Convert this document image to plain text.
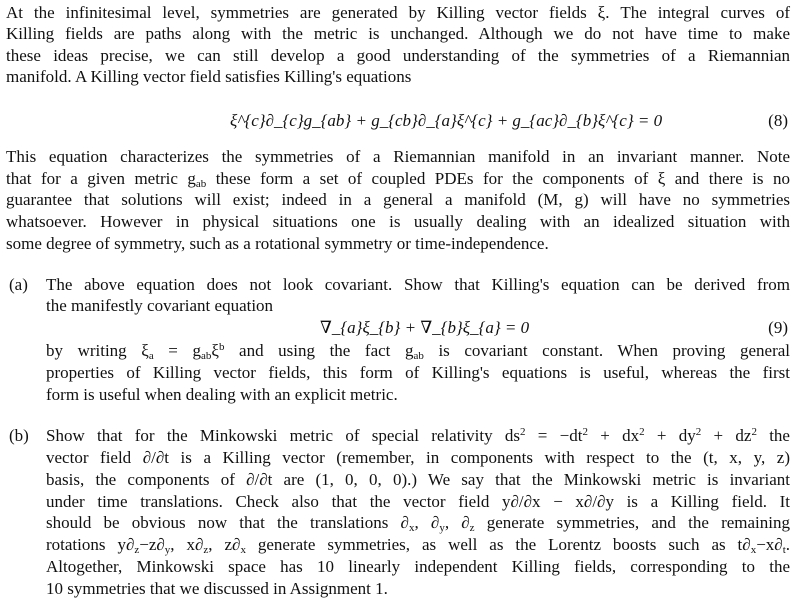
At the infinitesimal level, symmetries are generated by Killing vector fields ξ. The integral curves of
Killing fields are paths along with the metric is unchanged. Although we do not have time to make
these ideas precise, we can still develop a good understanding of the symmetries of a Riemannian
manifold. A Killing vector field satisfies Killing's equations
ξ^{c}∂_{c}g_{ab} + g_{cb}∂_{a}ξ^{c} + g_{ac}∂_{b}ξ^{c} = 0	(8)
This equation characterizes the symmetries of a Riemannian manifold in an invariant manner. Note
that for a given metric $g_{ab}$ these form a set of coupled PDEs for the components of ξ and there is no
guarantee that solutions will exist; indeed in a general a manifold (M, g) will have no symmetries
whatsoever. However in physical situations one is usually dealing with an idealized situation with
some degree of symmetry, such as a rotational symmetry or time-independence.
(a) The above equation does not look covariant. Show that Killing's equation can be derived from
the manifestly covariant equation
∇_{a}ξ_{b} + ∇_{b}ξ_{a} = 0	(9)
by writing $\xi_a = g_{ab}\xi^b$ and using the fact $g_{ab}$ is covariant constant. When proving general
properties of Killing vector fields, this form of Killing's equations is useful, whereas the first
form is useful when dealing with an explicit metric.
(b) Show that for the Minkowski metric of special relativity $ds^2 = -dt^2 + dx^2 + dy^2 + dz^2$ the
vector field ∂/∂t is a Killing vector (remember, in components with respect to the (t, x, y, z)
basis, the components of ∂/∂t are (1, 0, 0, 0).) We say that the Minkowski metric is invariant
under time translations. Check also that the vector field y∂/∂x − x∂/∂y is a Killing field. It
should be obvious now that the translations $\partial_x$, $\partial_y$, $\partial_z$ generate symmetries, and the remaining
rotations $y\partial_z-z\partial_y$, $x\partial_z$, $z\partial_x$ generate symmetries, as well as the Lorentz boosts such as $t\partial_x-x\partial_t$.
Altogether, Minkowski space has 10 linearly independent Killing fields, corresponding to the
10 symmetries that we discussed in Assignment 1.
